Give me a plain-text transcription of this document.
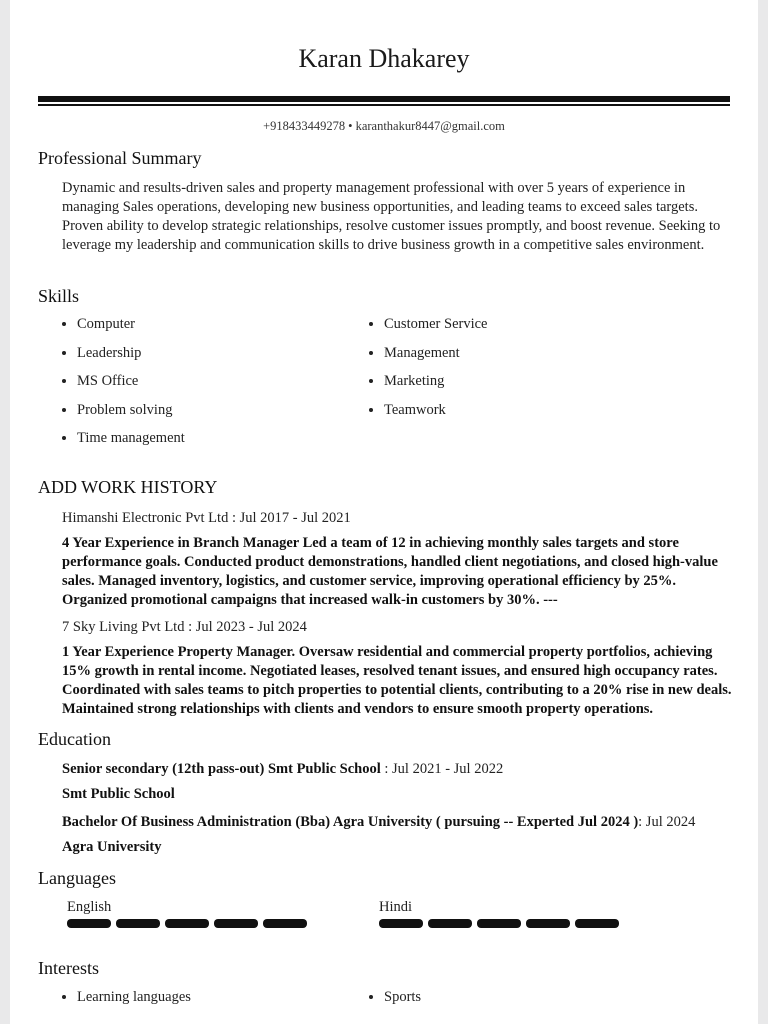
Karan Dhakarey
+918433449278 • karanthakur8447@gmail.com
Professional Summary

Dynamic and results-driven sales and property management professional with over 5 years of experience in managing Sales operations, developing new business opportunities, and leading teams to exceed sales targets. Proven ability to develop strategic relationships, resolve customer issues promptly, and boost revenue. Seeking to leverage my leadership and communication skills to drive business growth in a competitive sales environment.

Skills
Computer
Leadership
MS Office
Problem solving
Time management
Customer Service
Management
Marketing
Teamwork
ADD WORK HISTORY
Himanshi Electronic Pvt Ltd : Jul 2017 - Jul 2021
4 Year Experience in Branch Manager Led a team of 12 in achieving monthly sales targets and store performance goals. Conducted product demonstrations, handled client negotiations, and closed high-value sales. Managed inventory, logistics, and customer service, improving operational efficiency by 25%. Organized promotional campaigns that increased walk-in customers by 30%. ---
7 Sky Living Pvt Ltd : Jul 2023 - Jul 2024
1 Year Experience Property Manager. Oversaw residential and commercial property portfolios, achieving 15% growth in rental income. Negotiated leases, resolved tenant issues, and ensured high occupancy rates. Coordinated with sales teams to pitch properties to potential clients, contributing to a 20% rise in new deals. Maintained strong relationships with clients and vendors to ensure smooth property operations.
Education
Senior secondary (12th pass-out) Smt Public School : Jul 2021 - Jul 2022
Smt Public School
Bachelor Of Business Administration (Bba) Agra University ( pursuing -- Experted Jul 2024 ): Jul 2024
Agra University
Languages
English	Hindi
Interests
Learning languages	Sports
